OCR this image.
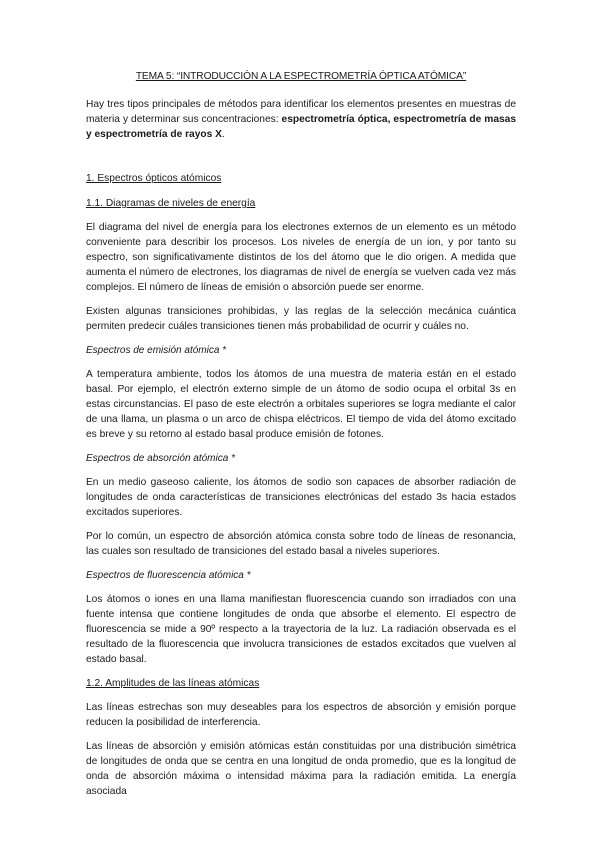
TEMA 5: “INTRODUCCIÓN A LA ESPECTROMETRÍA ÓPTICA ATÓMICA”

Hay tres tipos principales de métodos para identificar los elementos presentes en muestras de materia y determinar sus concentraciones: espectrometría óptica, espectrometría de masas y espectrometría de rayos X.

1. Espectros ópticos atómicos
1.1. Diagramas de niveles de energía

El diagrama del nivel de energía para los electrones externos de un elemento es un método conveniente para describir los procesos. Los niveles de energía de un ion, y por tanto su espectro, son significativamente distintos de los del átomo que le dio origen. A medida que aumenta el número de electrones, los diagramas de nivel de energía se vuelven cada vez más complejos. El número de líneas de emisión o absorción puede ser enorme.

Existen algunas transiciones prohibidas, y las reglas de la selección mecánica cuántica permiten predecir cuáles transiciones tienen más probabilidad de ocurrir y cuáles no.

Espectros de emisión atómica *

A temperatura ambiente, todos los átomos de una muestra de materia están en el estado basal. Por ejemplo, el electrón externo simple de un átomo de sodio ocupa el orbital 3s en estas circunstancias. El paso de este electrón a orbitales superiores se logra mediante el calor de una llama, un plasma o un arco de chispa eléctricos. El tiempo de vida del átomo excitado es breve y su retorno al estado basal produce emisión de fotones.

Espectros de absorción atómica *

En un medio gaseoso caliente, los átomos de sodio son capaces de absorber radiación de longitudes de onda características de transiciones electrónicas del estado 3s hacia estados excitados superiores.

Por lo común, un espectro de absorción atómica consta sobre todo de líneas de resonancia, las cuales son resultado de transiciones del estado basal a niveles superiores.

Espectros de fluorescencia atómica *

Los átomos o iones en una llama manifiestan fluorescencia cuando son irradiados con una fuente intensa que contiene longitudes de onda que absorbe el elemento. El espectro de fluorescencia se mide a 90º respecto a la trayectoria de la luz. La radiación observada es el resultado de la fluorescencia que involucra transiciones de estados excitados que vuelven al estado basal.

1.2. Amplitudes de las líneas atómicas

Las líneas estrechas son muy deseables para los espectros de absorción y emisión porque reducen la posibilidad de interferencia.

Las líneas de absorción y emisión atómicas están constituidas por una distribución simétrica de longitudes de onda que se centra en una longitud de onda promedio, que es la longitud de onda de absorción máxima o intensidad máxima para la radiación emitida. La energía asociada
